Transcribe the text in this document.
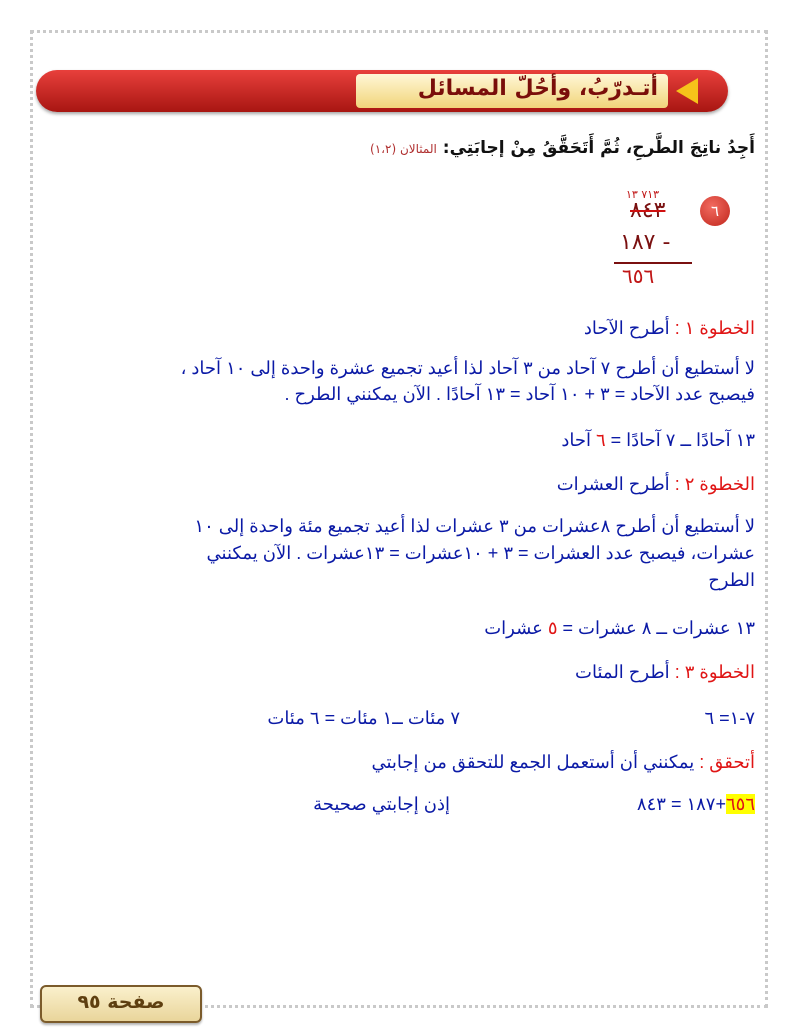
أتـدرّبُ، وأحُلّ المسائل
أَجِدُ ناتِجَ الطَّرحِ، ثُمَّ أَتَحَقَّقُ مِنْ إجابَتِي: المثالان (١،٢)
٦
٧١٣ ١٣
٨٤٣
١٨٧ -
٦٥٦
الخطوة ١ : أطرح الآحاد
لا أستطيع أن أطرح ٧ آحاد من ٣ آحاد لذا أعيد تجميع عشرة واحدة إلى ١٠ آحاد ،
فيصبح عدد الآحاد = ٣ + ١٠ آحاد = ١٣ آحادًا . الآن يمكنني الطرح .
١٣ آحادًا ــ ٧ آحادًا = ٦ آحاد
الخطوة ٢ : أطرح العشرات
لا أستطيع أن أطرح ٨عشرات من ٣ عشرات لذا أعيد تجميع مئة واحدة إلى ١٠
عشرات، فيصبح عدد العشرات = ٣ + ١٠عشرات = ١٣عشرات . الآن يمكنني
الطرح
١٣ عشرات ــ ٨ عشرات = ٥ عشرات
الخطوة ٣ : أطرح المئات
٧-١= ٦
٧ مئات ــ١ مئات = ٦ مئات
أتحقق : يمكنني أن أستعمل الجمع للتحقق من إجابتي
٦٥٦+١٨٧ = ٨٤٣
إذن إجابتي صحيحة
صفحة ٩٥
